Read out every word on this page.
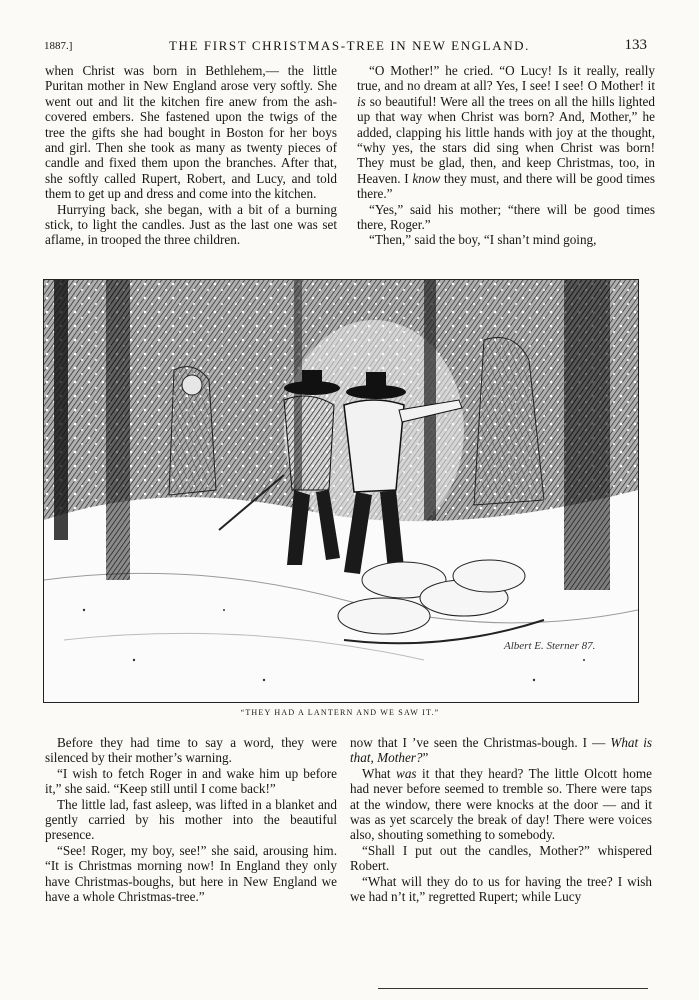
1887.]	THE FIRST CHRISTMAS-TREE IN NEW ENGLAND.	133

when Christ was born in Bethlehem,— the little Puritan mother in New England arose very softly. She went out and lit the kitchen fire anew from the ash-covered embers. She fastened upon the twigs of the tree the gifts she had bought in Boston for her boys and girl. Then she took as many as twenty pieces of candle and fixed them upon the branches. After that, she softly called Rupert, Robert, and Lucy, and told them to get up and dress and come into the kitchen.

Hurrying back, she began, with a bit of a burning stick, to light the candles. Just as the last one was set aflame, in trooped the three children.

“O Mother!” he cried. “O Lucy! Is it really, really true, and no dream at all? Yes, I see! I see! O Mother! it is so beautiful! Were all the trees on all the hills lighted up that way when Christ was born? And, Mother,” he added, clapping his little hands with joy at the thought, “why yes, the stars did sing when Christ was born! They must be glad, then, and keep Christmas, too, in Heaven. I know they must, and there will be good times there.”

“Yes,” said his mother; “there will be good times there, Roger.”

“Then,” said the boy, “I shan’t mind going,

Albert E. Sterner 87.
“THEY HAD A LANTERN AND WE SAW IT.”

Before they had time to say a word, they were silenced by their mother’s warning.

“I wish to fetch Roger in and wake him up before it,” she said. “Keep still until I come back!”

The little lad, fast asleep, was lifted in a blanket and gently carried by his mother into the beautiful presence.

“See! Roger, my boy, see!” she said, arousing him. “It is Christmas morning now! In England they only have Christmas-boughs, but here in New England we have a whole Christmas-tree.”

now that I ’ve seen the Christmas-bough. I — What is that, Mother?”

What was it that they heard? The little Olcott home had never before seemed to tremble so. There were taps at the window, there were knocks at the door — and it was as yet scarcely the break of day! There were voices also, shouting something to somebody.

“Shall I put out the candles, Mother?” whispered Robert.

“What will they do to us for having the tree? I wish we had n’t it,” regretted Rupert; while Lucy
